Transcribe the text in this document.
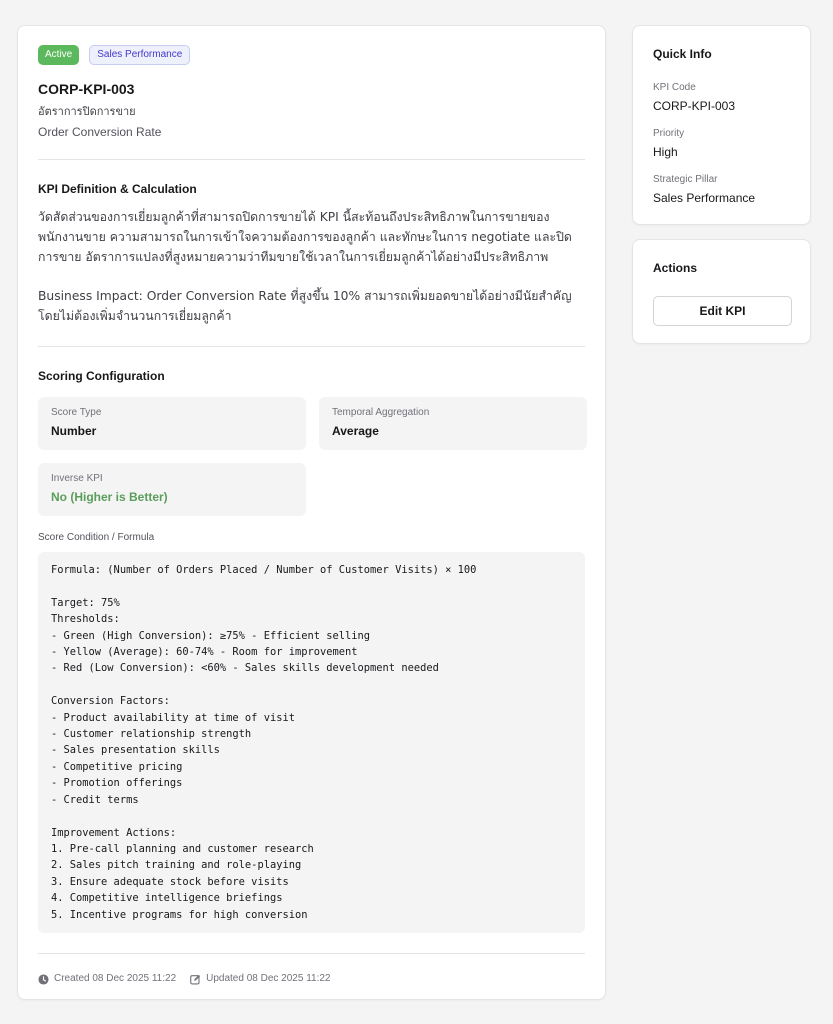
Active	Sales Performance
CORP-KPI-003
อัตราการปิดการขาย
Order Conversion Rate
KPI Definition & Calculation
วัดสัดส่วนของการเยี่ยมลูกค้าที่สามารถปิดการขายได้ KPI นี้สะท้อนถึงประสิทธิภาพในการขายของพนักงานขาย ความสามารถในการเข้าใจความต้องการของลูกค้า และทักษะในการ negotiate และปิดการขาย อัตราการแปลงที่สูงหมายความว่าทีมขายใช้เวลาในการเยี่ยมลูกค้าได้อย่างมีประสิทธิภาพ
Business Impact: Order Conversion Rate ที่สูงขึ้น 10% สามารถเพิ่มยอดขายได้อย่างมีนัยสำคัญโดยไม่ต้องเพิ่มจำนวนการเยี่ยมลูกค้า
Scoring Configuration
Score Type
Number
Temporal Aggregation
Average
Inverse KPI
No (Higher is Better)
Score Condition / Formula
Formula: (Number of Orders Placed / Number of Customer Visits) × 100

Target: 75%
Thresholds:
- Green (High Conversion): ≥75% - Efficient selling
- Yellow (Average): 60-74% - Room for improvement
- Red (Low Conversion): <60% - Sales skills development needed

Conversion Factors:
- Product availability at time of visit
- Customer relationship strength
- Sales presentation skills
- Competitive pricing
- Promotion offerings
- Credit terms

Improvement Actions:
1. Pre-call planning and customer research
2. Sales pitch training and role-playing
3. Ensure adequate stock before visits
4. Competitive intelligence briefings
5. Incentive programs for high conversion
Created 08 Dec 2025 11:22	Updated 08 Dec 2025 11:22
Quick Info
KPI Code
CORP-KPI-003
Priority
High
Strategic Pillar
Sales Performance
Actions
Edit KPI
